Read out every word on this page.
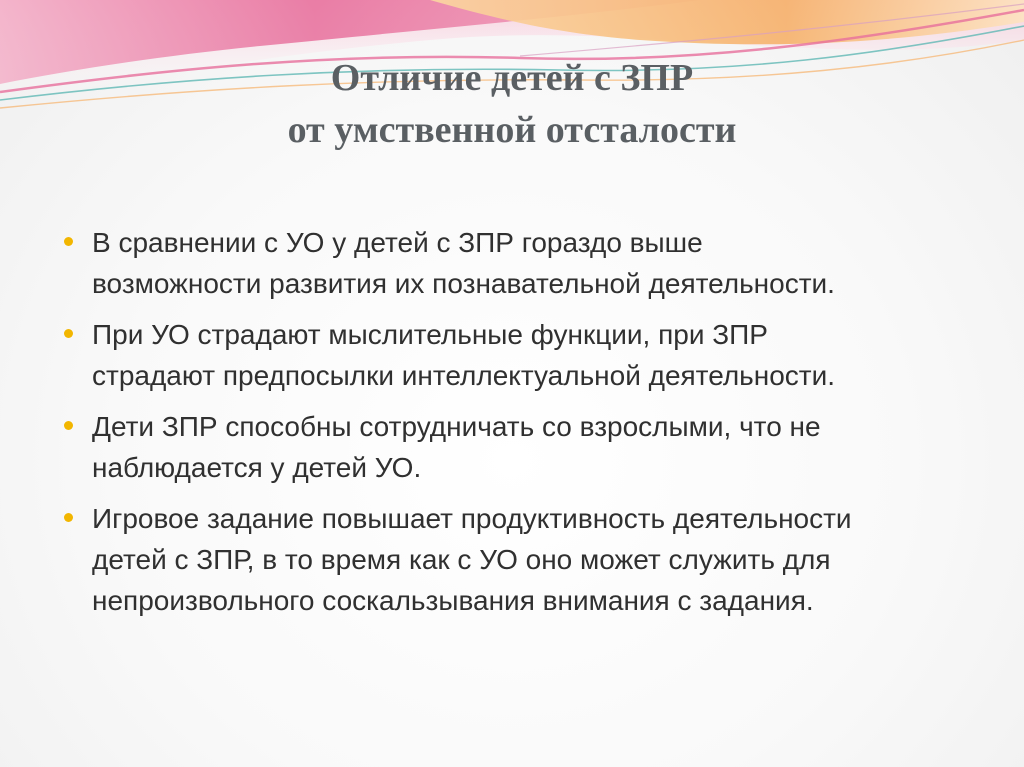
Отличие детей с ЗПР
от умственной отсталости
В сравнении с УО у детей с ЗПР гораздо выше
возможности развития их познавательной деятельности.
При УО страдают мыслительные функции, при ЗПР
страдают предпосылки интеллектуальной деятельности.
Дети ЗПР способны сотрудничать со взрослыми, что не
наблюдается у детей УО.
Игровое задание повышает продуктивность деятельности
детей с ЗПР, в то время как с УО оно может служить для
непроизвольного соскальзывания внимания с задания.
